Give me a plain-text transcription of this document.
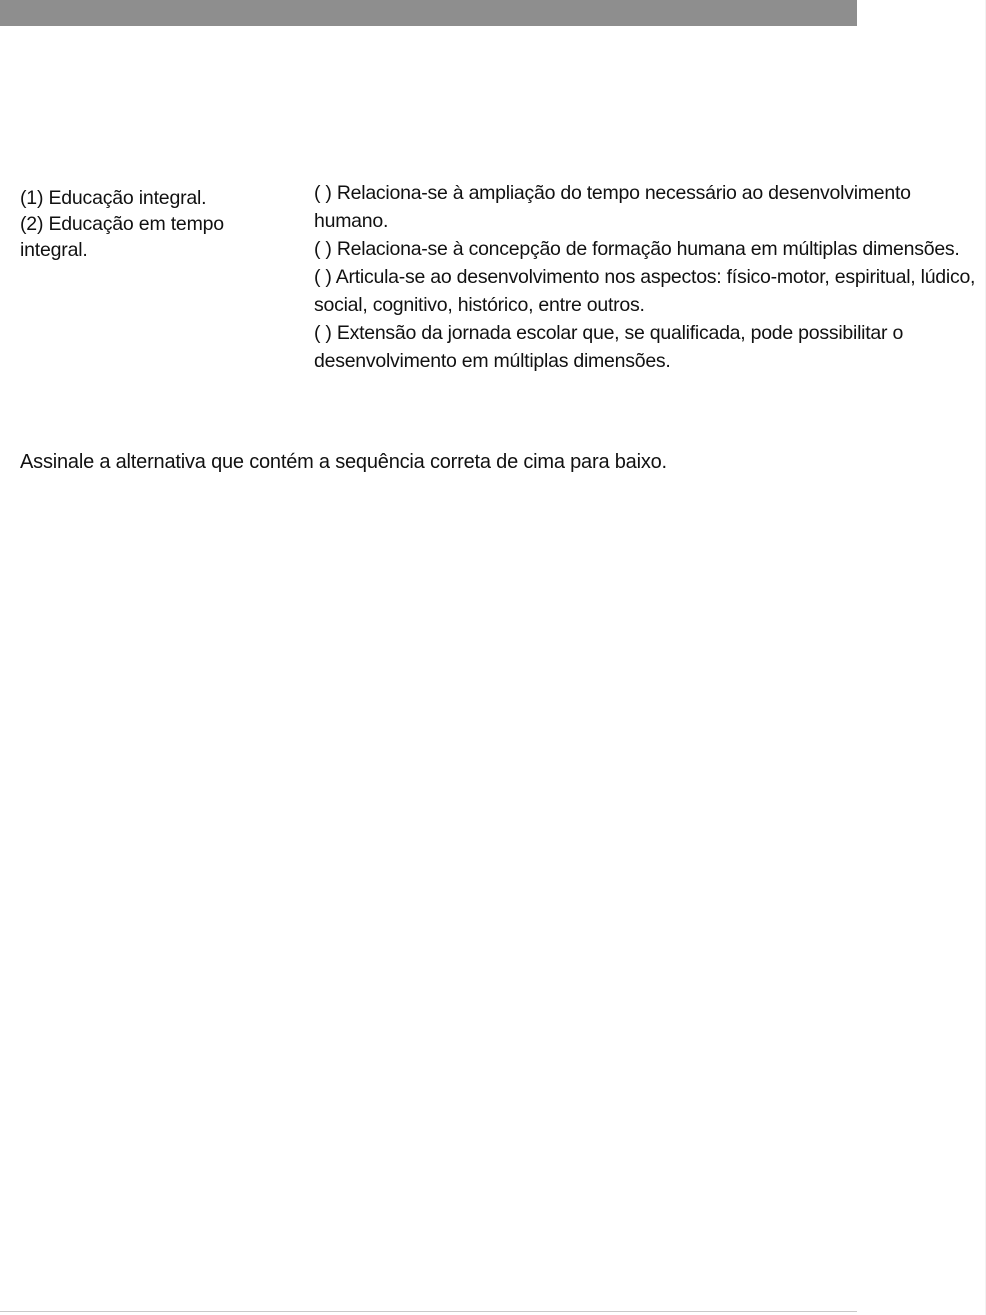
(1) Educação integral.
(2) Educação em tempo integral.
( ) Relaciona-se à ampliação do tempo necessário ao desenvolvimento humano.
( ) Relaciona-se à concepção de formação humana em múltiplas dimensões.
( ) Articula-se ao desenvolvimento nos aspectos: físico-motor, espiritual, lúdico, social, cognitivo, histórico, entre outros.
( ) Extensão da jornada escolar que, se qualificada, pode possibilitar o desenvolvimento em múltiplas dimensões.
Assinale a alternativa que contém a sequência correta de cima para baixo.
